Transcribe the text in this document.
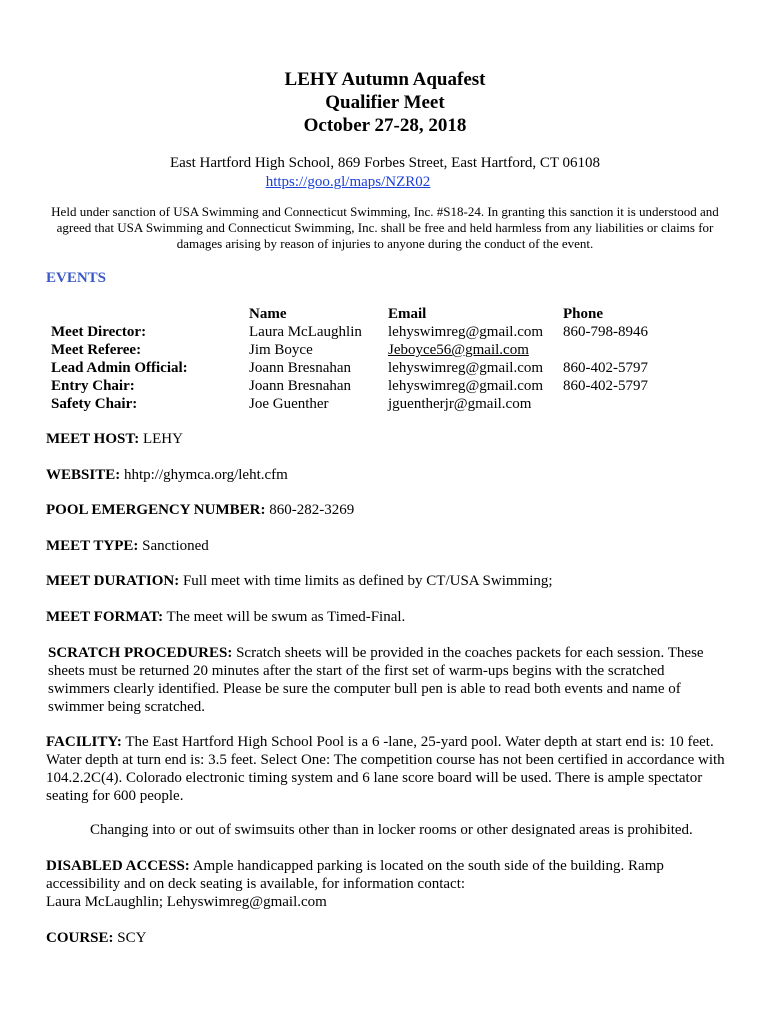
LEHY Autumn Aquafest
Qualifier Meet
October 27-28, 2018
East Hartford High School, 869 Forbes Street, East Hartford, CT 06108
https://goo.gl/maps/NZR02
Held under sanction of USA Swimming and Connecticut Swimming, Inc. #S18-24. In granting this sanction it is understood and agreed that USA Swimming and Connecticut Swimming, Inc. shall be free and held harmless from any liabilities or claims for damages arising by reason of injuries to anyone during the conduct of the event.
EVENTS
Meet Director:
Meet Referee:
Lead Admin Official:
Entry Chair:
Safety Chair:
Name
Laura McLaughlin
Jim Boyce
Joann Bresnahan
Joann Bresnahan
Joe Guenther
Email
lehyswimreg@gmail.com
Jeboyce56@gmail.com
lehyswimreg@gmail.com
lehyswimreg@gmail.com
jguentherjr@gmail.com
Phone
860-798-8946
860-402-5797
860-402-5797
MEET HOST: LEHY
WEBSITE: hhtp://ghymca.org/leht.cfm
POOL EMERGENCY NUMBER: 860-282-3269
MEET TYPE: Sanctioned
MEET DURATION: Full meet with time limits as defined by CT/USA Swimming;
MEET FORMAT: The meet will be swum as Timed-Final.
SCRATCH PROCEDURES: Scratch sheets will be provided in the coaches packets for each session. These sheets must be returned 20 minutes after the start of the first set of warm-ups begins with the scratched swimmers clearly identified. Please be sure the computer bull pen is able to read both events and name of swimmer being scratched.
FACILITY: The East Hartford High School Pool is a 6 -lane, 25-yard pool. Water depth at start end is: 10 feet. Water depth at turn end is: 3.5 feet. Select One: The competition course has not been certified in accordance with 104.2.2C(4). Colorado electronic timing system and 6 lane score board will be used. There is ample spectator seating for 600 people.
Changing into or out of swimsuits other than in locker rooms or other designated areas is prohibited.
DISABLED ACCESS: Ample handicapped parking is located on the south side of the building. Ramp accessibility and on deck seating is available, for information contact:
Laura McLaughlin; Lehyswimreg@gmail.com
COURSE: SCY
